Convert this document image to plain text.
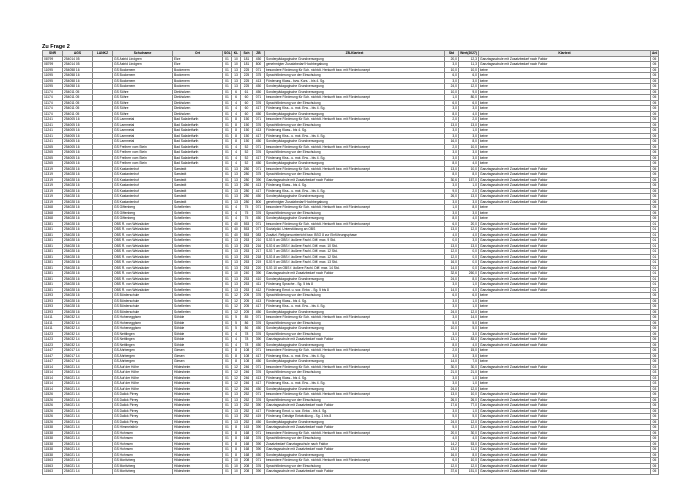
Zu Frage 2
SNR	AGS	LANKZ	Schulname	Ort	SGL	KL	Sch	ZB	ZB-Klartext	Std	Wert(2027)	Klartext	Anl
08799	254014 05		GS Astrid Lindgren	Elze	01	10	181	450	Sonderpädagogische Grundversorgung	20,0	12,3	Ganztagsschule mit Zusatzbedarf nach Faktor	05
08799	254014 05		GS Astrid Lindgren	Elze	01	10	181	800	genehmigter Zusatzbedarf Hochbegabung	3,0	11,3	Ganztagsschule mit Zusatzbedarf nach Faktor	05
11095	254058 16		GS Bockenem	Bockenem	01	13	225	071	besondere Förderung für Sch. nichtdt. Herkunft bzw. mit Förderkonzept	10,0	10,0	keine	05
11095	254058 16		GS Bockenem	Bockenem	01	13	225	375	Sprachförderung vor der Einschulung	6,0	6,0	keine	05
11095	254058 16		GS Bockenem	Bockenem	01	13	225	413	Förderung Klass.- bzw. Kurs. - bis 4. Sg.	3,0	3,0	keine	05
11095	254058 16		GS Bockenem	Bockenem	01	13	225	450	Sonderpädagogische Grundversorgung	24,0	12,0	keine	05
11174	254011 05		GS Söhre	Diekholzen	01	6	61	450	Sonderpädagogische Grundversorgung	10,0	9,0	keine	05
11174	254011 05		GS Söhre	Diekholzen	01	6	60	071	besondere Förderung für Sch. nichtdt. Herkunft bzw. mit Förderkonzept	1,0	80,0	keine	05
11174	254011 05		GS Söhre	Diekholzen	01	4	60	376	Sprachförderung vor der Einschulung	6,0	6,0	keine	05
11174	254011 05		GS Söhre	Diekholzen	01	4	60	417	Förderung Klss.- u. mot. Erw. - bis 4. Sg.	3,0	3,0	keine	05
11174	254011 05		GS Söhre	Diekholzen	01	4	60	450	Sonderpädagogische Grundversorgung	8,0	4,0	keine	05
11241	254005 16		GS Lammetal	Bad Salzdetfurth	01	8	150	071	besondere Förderung für Sch. nichtdt. Herkunft bzw. mit Förderkonzept	2,0	2,0	keine	05
11241	254005 16		GS Lammetal	Bad Salzdetfurth	01	8	150	376	Sprachförderung vor der Einschulung	13,0	13,0	keine	05
11241	254005 16		GS Lammetal	Bad Salzdetfurth	01	8	150	413	Förderung Klass.- bis 4. Sg.	3,0	1,0	keine	05
11241	254005 16		GS Lammetal	Bad Salzdetfurth	01	8	150	417	Förderung Klss.- u. mot. Erw. - bis 4. Sg.	3,0	3,0	keine	05
11241	254005 16		GS Lammetal	Bad Salzdetfurth	01	8	150	450	Sonderpädagogische Grundversorgung	16,0	8,0	keine	05
11265	254005 16		GS Freiherr vom Stein	Bad Salzdetfurth	01	4	52	071	besondere Förderung für Sch. nichtdt. Herkunft bzw. mit Förderkonzept	2,0	10,0	keine	05
11265	254005 16		GS Freiherr vom Stein	Bad Salzdetfurth	01	4	52	376	Sprachförderung vor der Einschulung	3,0	3,0	keine	05
11265	254005 16		GS Freiherr vom Stein	Bad Salzdetfurth	01	4	52	417	Förderung Klss.- u. mot. Erw. - bis 4. Sg.	3,0	3,0	keine	05
11265	254005 16		GS Freiherr vom Stein	Bad Salzdetfurth	01	4	52	450	Sonderpädagogische Grundversorgung	8,0	4,0	keine	05
11319	254028 16		GS Kastanienhof	Sarstedt	01	13	280	071	besondere Förderung für Sch. nichtdt. Herkunft bzw. mit Förderkonzept	13,0	10,0	Ganztagsschule mit Zusatzbedarf nach Faktor	05
11319	254028 16		GS Kastanienhof	Sarstedt	01	13	280	375	Sprachförderung vor der Einschulung	8,0	8,0	Ganztagsschule mit Zusatzbedarf nach Faktor	05
11319	254028 16		GS Kastanienhof	Sarstedt	01	13	280	390	Ganztagsschule mit Zusatzbedarf nach Faktor	30,6	157,0	Ganztagsschule mit Zusatzbedarf nach Faktor	05
11319	254028 16		GS Kastanienhof	Sarstedt	01	13	280	413	Förderung Klass.- bis 4. Sg.	3,0	1,0	Ganztagsschule mit Zusatzbedarf nach Faktor	05
11319	254028 16		GS Kastanienhof	Sarstedt	01	13	280	417	Förderung Klss.- u. mot. Erw. - bis 4. Sg.	9,0	2,0	Ganztagsschule mit Zusatzbedarf nach Faktor	05
11319	254028 16		GS Kastanienhof	Sarstedt	01	13	280	450	Sonderpädagogische Grundversorgung	26,0	13,0	Ganztagsschule mit Zusatzbedarf nach Faktor	05
11319	254028 16		GS Kastanienhof	Sarstedt	01	13	280	800	genehmigter Zusatzbedarf Hochbegabung	3,0	3,0	Ganztagsschule mit Zusatzbedarf nach Faktor	05
11368	254028 16		GS Giftenberg	Schellerten	01	4	75	071	besondere Förderung für Sch. nichtdt. Herkunft bzw. mit Förderkonzept	1,0	8,0	keine	05
11368	254028 16		GS Giftenberg	Schellerten	01	4	75	376	Sprachförderung vor der Einschulung	3,0	3,0	keine	05
11368	254028 16		GS Giftenberg	Schellerten	01	4	75	450	Sonderpädagogische Grundversorgung	8,0	4,0	keine	05
11381	254028 16		OBS R. von Weizsäcker	Schellerten	01	40	553	071	besondere Förderung für Sch. nichtdt. Herkunft bzw. mit Förderkonzept	6,0	20,0	Ganztagsschule mit Zusatzbedarf nach Faktor	01
11381	254028 16		OBS R. von Weizsäcker	Schellerten	01	40	553	077	Sozialpäd. Unterstützung an OBS	13,0	12,0	Ganztagsschule mit Zusatzbedarf nach Faktor	01
11381	254028 16		OBS R. von Weizsäcker	Schellerten	01	40	553	083	Zusätzl. Religionsunterricht bzw. BSO 8 zur Einführungsphase	4,0	4,0	Ganztagsschule mit Zusatzbedarf nach Faktor	01
11381	254028 16		OBS R. von Weizsäcker	Schellerten	01	13	253	210	SJG 5 an OBS f. äußere Fachl. Diff. max. 9 Std.	0,0	3,0	Ganztagsschule mit Zusatzbedarf nach Faktor	01
11381	254028 16		OBS R. von Weizsäcker	Schellerten	01	13	253	216	SJG 6 an OBS f. äußere Fachl. Diff. max. 10 Std.	13,0	13,0	Ganztagsschule mit Zusatzbedarf nach Faktor	01
11381	254028 16		OBS R. von Weizsäcker	Schellerten	01	13	253	217	SJG 7 an OBS f. äußere Fachl. Diff. max. 12 Std.	12,0	0,0	Ganztagsschule mit Zusatzbedarf nach Faktor	01
11381	254028 16		OBS R. von Weizsäcker	Schellerten	01	13	253	218	SJG 8 an OBS f. äußere Fachl. Diff. max. 12 Std.	12,0	0,0	Ganztagsschule mit Zusatzbedarf nach Faktor	01
11381	254028 16		OBS R. von Weizsäcker	Schellerten	01	13	253	219	SJG 9 an OBS f. äußere Fachl. Diff. max. 13 Std.	16,0	0,0	Ganztagsschule mit Zusatzbedarf nach Faktor	01
11381	254028 16		OBS R. von Weizsäcker	Schellerten	01	13	253	220	SJG 10 an OBS f. äußere Fachl. Diff. max. 14 Std.	14,0	0,0	Ganztagsschule mit Zusatzbedarf nach Faktor	01
11381	254028 16		OBS R. von Weizsäcker	Schellerten	01	10	240	390	Ganztagsschule mit Zusatzbedarf nach Faktor	32,6	260,0	Ganztagsschule mit Zusatzbedarf nach Faktor	01
11381	254028 16		OBS R. von Weizsäcker	Schellerten	01	13	253	410	Sonderpädagogische Grundversorgung	24,0	8,0	Ganztagsschule mit Zusatzbedarf nach Faktor	01
11381	254028 16		OBS R. von Weizsäcker	Schellerten	01	13	253	411	Förderung Sprache - Sg. 5 bis 8	3,0	1,0	Ganztagsschule mit Zusatzbedarf nach Faktor	01
11381	254028 16		OBS R. von Weizsäcker	Schellerten	01	13	253	412	Förderung Emot. u. soz. Entw. - Sg. 5 bis 8	14,0	4,0	Ganztagsschule mit Zusatzbedarf nach Faktor	01
11393	254028 16		GS Börderschule	Schellerten	01	12	205	376	Sprachförderung vor der Einschulung	6,0	6,0	keine	05
11393	254028 16		GS Börderschule	Schellerten	01	12	205	413	Förderung Klass.- bis 4. Sg.	3,0	1,0	keine	05
11393	254028 16		GS Börderschule	Schellerten	01	12	205	417	Förderung Klss.- u. mot. Erw. - bis 4. Sg.	3,0	1,0	keine	05
11393	254028 16		GS Börderschule	Schellerten	01	12	205	450	Sonderpädagogische Grundversorgung	24,0	12,0	keine	05
11411	254032 14		GS Hohenegglsen	Söhlde	01	5	85	071	besondere Förderung für Sch. nichtdt. Herkunft bzw. mit Förderkonzept	3,0	14,0	keine	05
11411	254032 14		GS Hohenegglsen	Söhlde	01	5	86	376	Sprachförderung vor der Einschulung	5,0	5,0	keine	05
11411	254032 14		GS Hohenegglsen	Söhlde	01	5	86	450	Sonderpädagogische Grundversorgung	10,0	5,0	keine	05
11423	254032 14		GS Nettlingen	Söhlde	01	4	78	376	Sprachförderung vor der Einschulung	3,0	3,0	Ganztagsschule mit Zusatzbedarf nach Faktor	05
11423	254032 14		GS Nettlingen	Söhlde	01	4	78	390	Ganztagsschule mit Zusatzbedarf nach Faktor	13,1	83,0	Ganztagsschule mit Zusatzbedarf nach Faktor	05
11423	254032 14		GS Nettlingen	Söhlde	01	4	78	450	Sonderpädagogische Grundversorgung	8,0	4,0	Ganztagsschule mit Zusatzbedarf nach Faktor	05
11447	254017 14		GS Ahrbergen	Giesen	01	8	108	071	besondere Förderung für Sch. nichtdt. Herkunft bzw. mit Förderkonzept	2,0	15,0	keine	05
11447	254017 14		GS Ahrbergen	Giesen	01	8	108	417	Förderung Klss.- u. mot. Erw. - bis 4. Sg.	3,0	3,0	keine	05
11447	254017 14		GS Ahrbergen	Giesen	01	8	108	450	Sonderpädagogische Grundversorgung	14,0	7,0	keine	05
11514	254021 14		GS Auf der Höhe	Hildesheim	01	12	246	071	besondere Förderung für Sch. nichtdt. Herkunft bzw. mit Förderkonzept	30,0	30,0	Ganztagsschule mit Zusatzbedarf nach Faktor	03
11514	254021 14		GS Auf der Höhe	Hildesheim	01	12	246	376	Sprachförderung vor der Einschulung	21,0	21,0	keine	03
11514	254021 14		GS Auf der Höhe	Hildesheim	01	12	246	413	Förderung Klass.- bis 4. Sg.	3,0	1,0	keine	03
11514	254021 14		GS Auf der Höhe	Hildesheim	01	12	246	417	Förderung Klss.- u. mot. Erw. - bis 4. Sg.	3,0	1,0	keine	03
11514	254021 14		GS Auf der Höhe	Hildesheim	01	12	246	450	Sonderpädagogische Grundversorgung	24,0	12,0	keine	03
11526	254021 14		GS Dalick Pirrey	Hildesheim	01	13	252	071	besondere Förderung für Sch. nichtdt. Herkunft bzw. mit Förderkonzept	13,0	10,0	Ganztagsschule mit Zusatzbedarf nach Faktor	05
11526	254021 14		GS Dalick Pirrey	Hildesheim	01	13	252	376	Sprachförderung vor der Einschulung	26,0	26,0	Ganztagsschule mit Zusatzbedarf nach Faktor	05
11526	254021 14		GS Dalick Pirrey	Hildesheim	01	13	252	390	Ganztagsschule mit Zusatzbedarf nach Faktor	17,6	77,0	Ganztagsschule mit Zusatzbedarf nach Faktor	05
11526	254021 14		GS Dalick Pirrey	Hildesheim	01	13	252	417	Förderung Emot. u. soz. Entw. - bis 4. Sg.	3,0	1,0	Ganztagsschule mit Zusatzbedarf nach Faktor	05
11526	254021 14		GS Dalick Pirrey	Hildesheim	01	13	252	419	Förderung Geistige Entwicklung - Sg. 1 bis 8	5,0	5,0	Ganztagsschule mit Zusatzbedarf nach Faktor	05
11526	254021 14		GS Dalick Pirrey	Hildesheim	01	13	252	450	Sonderpädagogische Grundversorgung	24,0	12,0	Ganztagsschule mit Zusatzbedarf nach Faktor	05
11538	254021 14		GS Himmelsthür	Hildesheim	01	8	163	390	Ganztagsschule mit Zusatzbedarf nach Faktor	5,0	12,0	Ganztagsschule mit Zusatzbedarf nach Faktor	05
11538	254021 14		GS Hohnsen	Hildesheim	01	8	168	071	besondere Förderung für Sch. nichtdt. Herkunft bzw. mit Förderkonzept	20,0	30,0	Ganztagsschule mit Zusatzbedarf nach Faktor	05
11538	254021 14		GS Hohnsen	Hildesheim	01	8	168	376	Sprachförderung vor der Einschulung	4,0	4,0	Ganztagsschule mit Zusatzbedarf nach Faktor	05
11538	254021 14		GS Hohnsen	Hildesheim	01	8	168	390	Zusatzbedarf Ganztagsschule nach Faktor	14,2	53,0	Ganztagsschule mit Zusatzbedarf nach Faktor	05
11538	254021 14		GS Hohnsen	Hildesheim	01	8	168	390	Ganztagsschule mit Zusatzbedarf nach Faktor	13,0	11,0	Ganztagsschule mit Zusatzbedarf nach Faktor	05
11538	254021 14		GS Hohnsen	Hildesheim	01	8	168	450	Sonderpädagogische Grundversorgung	16,0	8,0	Ganztagsschule mit Zusatzbedarf nach Faktor	05
11563	254021 14		GS Moritzberg	Hildesheim	01	10	208	071	besondere Förderung für Sch. nichtdt. Herkunft bzw. mit Förderkonzept	6,0	10,0	Ganztagsschule mit Zusatzbedarf nach Faktor	05
11563	254021 14		GS Moritzberg	Hildesheim	01	10	208	376	Sprachförderung vor der Einschulung	12,0	12,0	Ganztagsschule mit Zusatzbedarf nach Faktor	05
11563	254021 14		GS Moritzberg	Hildesheim	01	10	208	390	Ganztagsschule mit Zusatzbedarf nach Faktor	37,6	151,0	Ganztagsschule mit Zusatzbedarf nach Faktor	05
